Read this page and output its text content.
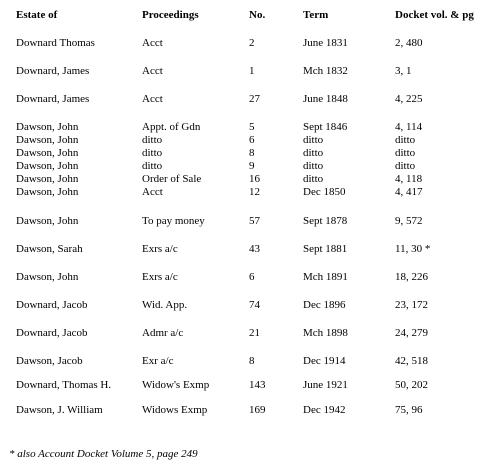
Estate of	Proceedings	No.	Term	Docket vol. & pg
Downard Thomas	Acct	2	June 1831	2, 480
Downard, James	Acct	1	Mch 1832	3, 1
Downard, James	Acct	27	June 1848	4, 225
Dawson, John	Appt. of Gdn	5	Sept 1846	4, 114
Dawson, John	ditto	6	ditto	ditto
Dawson, John	ditto	8	ditto	ditto
Dawson, John	ditto	9	ditto	ditto
Dawson, John	Order of Sale	16	ditto	4, 118
Dawson, John	Acct	12	Dec 1850	4, 417
Dawson, John	To pay money	57	Sept 1878	9, 572
Dawson, Sarah	Exrs a/c	43	Sept 1881	11, 30 *
Dawson, John	Exrs a/c	6	Mch 1891	18, 226
Downard, Jacob	Wid. App.	74	Dec 1896	23, 172
Downard, Jacob	Admr a/c	21	Mch 1898	24, 279
Dawson, Jacob	Exr a/c	8	Dec 1914	42, 518
Downard, Thomas H.	Widow's Exmp	143	June 1921	50, 202
Dawson, J. William	Widows Exmp	169	Dec 1942	75, 96
* also Account Docket Volume 5, page 249
